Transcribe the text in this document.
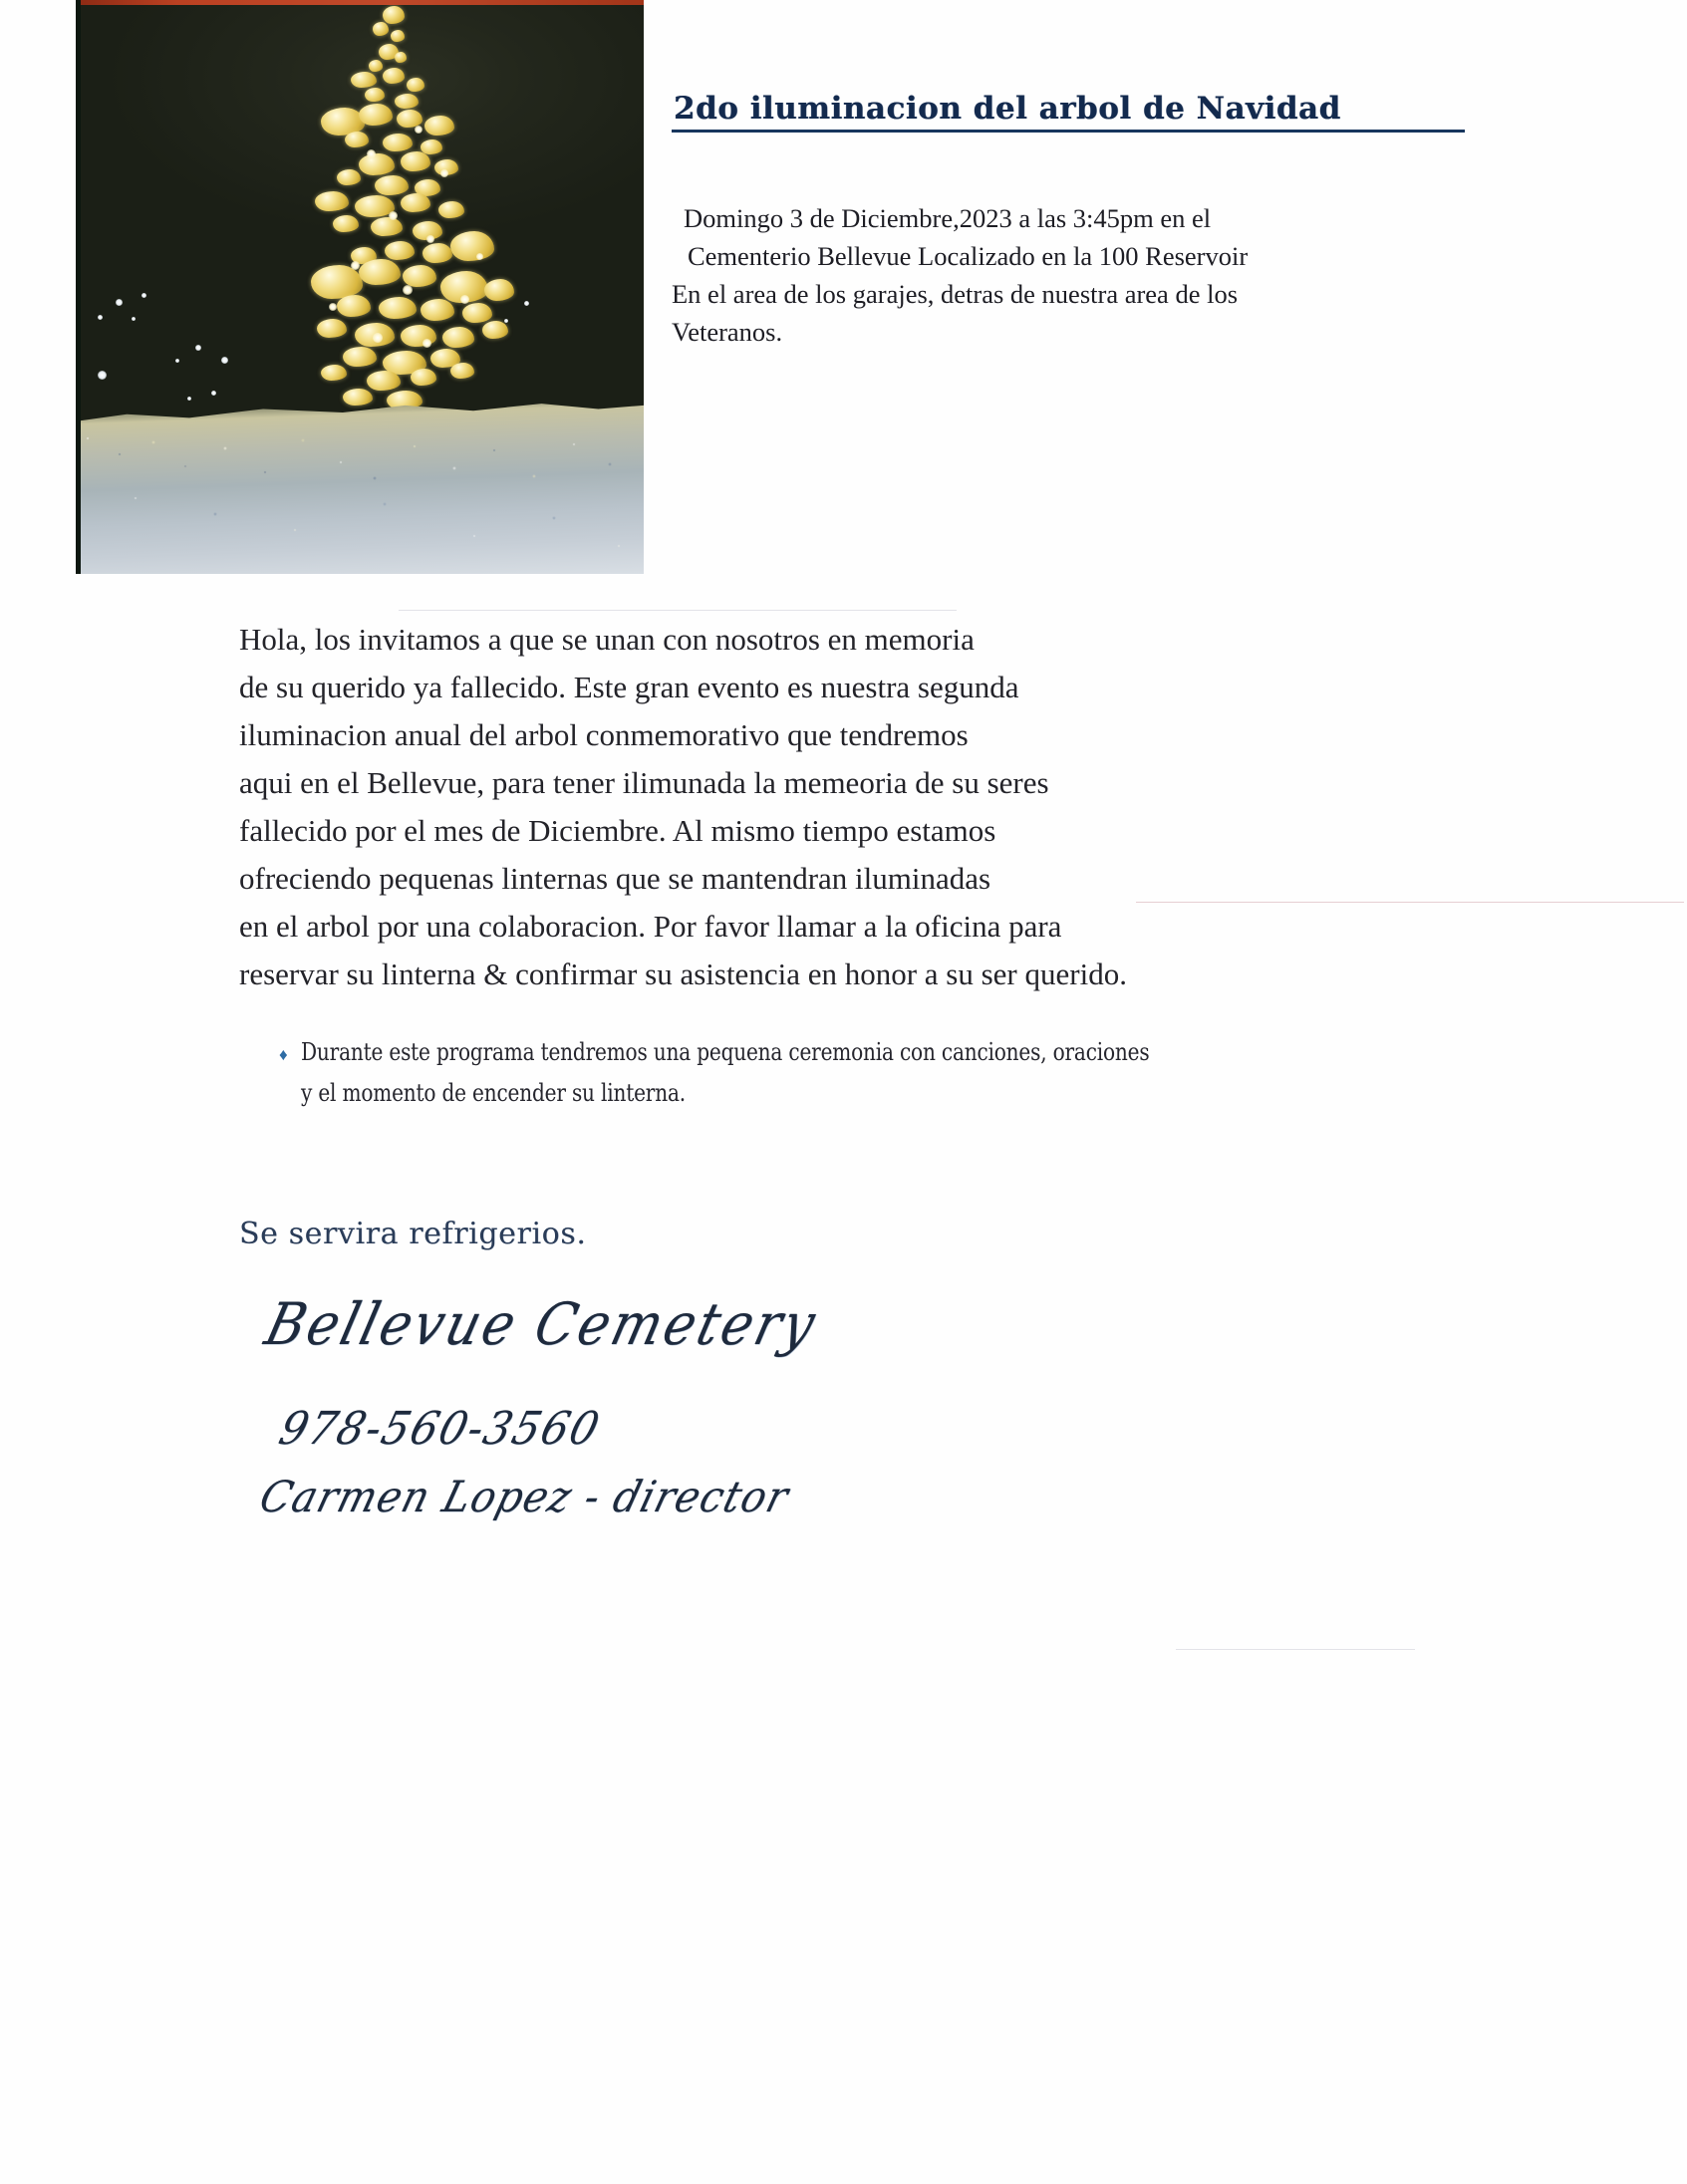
2do iluminacion del arbol de Navidad
Domingo 3 de Diciembre,2023 a las 3:45pm en el
Cementerio Bellevue Localizado en la 100 Reservoir
En el area de los garajes, detras de nuestra area de los
Veteranos.
Hola, los invitamos a que se unan con nosotros en memoria
de su querido ya fallecido. Este gran evento es nuestra segunda
iluminacion anual del arbol conmemorativo que tendremos
aqui en el Bellevue, para tener ilimunada la memeoria de su seres
fallecido por el mes de Diciembre. Al mismo tiempo estamos
ofreciendo pequenas linternas que se mantendran iluminadas
en el arbol por una colaboracion. Por favor llamar a la oficina para
reservar su linterna & confirmar su asistencia en honor a su ser querido.
♦ Durante este programa tendremos una pequena ceremonia con canciones, oraciones
y el momento de encender su linterna.
Se servira refrigerios.
Bellevue Cemetery
978-560-3560
Carmen Lopez - director
